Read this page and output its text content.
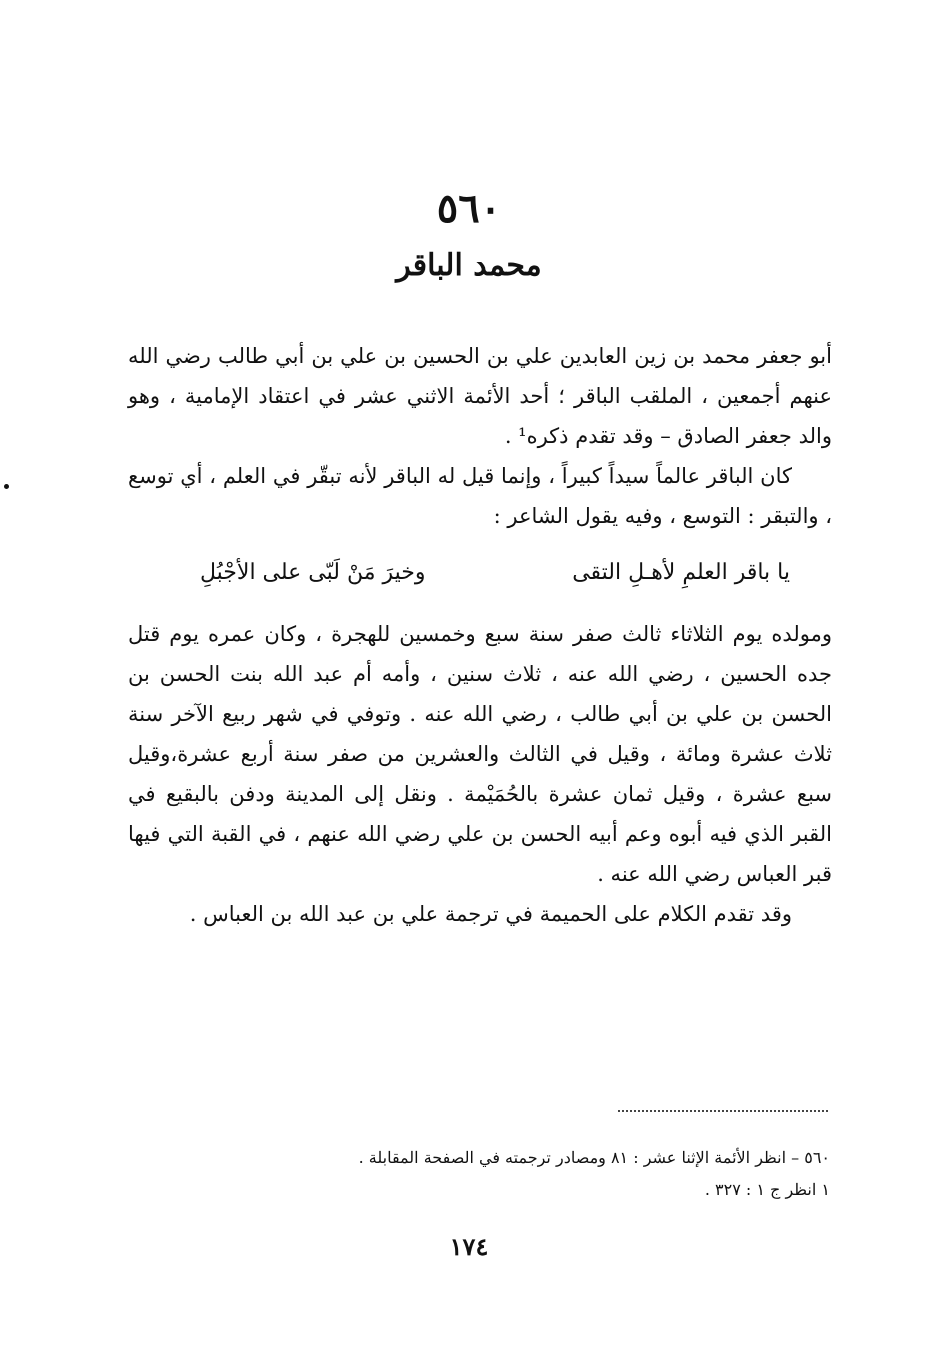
٥٦٠
محمد الباقر

أبو جعفر محمد بن زين العابدين علي بن الحسين بن علي بن أبي طالب رضي الله عنهم أجمعين ، الملقب الباقر ؛ أحد الأئمة الاثني عشر في اعتقاد الإمامية ، وهو والد جعفر الصادق – وقد تقدم ذكره¹ .

كان الباقر عالماً سيداً كبيراً ، وإنما قيل له الباقر لأنه تبقّر في العلم ، أي توسع ، والتبقر : التوسع ، وفيه يقول الشاعر :

يا باقر العلمِ لأهـلِ التقى
وخيرَ مَنْ لَبّى على الأجْبُلِ

ومولده يوم الثلاثاء ثالث صفر سنة سبع وخمسين للهجرة ، وكان عمره يوم قتل جده الحسين ، رضي الله عنه ، ثلاث سنين ، وأمه أم عبد الله بنت الحسن بن الحسن بن علي بن أبي طالب ، رضي الله عنه . وتوفي في شهر ربيع الآخر سنة ثلاث عشرة ومائة ، وقيل في الثالث والعشرين من صفر سنة أربع عشرة،وقيل سبع عشرة ، وقيل ثمان عشرة بالحُمَيْمة . ونقل إلى المدينة ودفن بالبقيع في القبر الذي فيه أبوه وعم أبيه الحسن بن علي رضي الله عنهم ، في القبة التي فيها قبر العباس رضي الله عنه .

وقد تقدم الكلام على الحميمة في ترجمة علي بن عبد الله بن العباس .

٥٦٠ – انظر الأئمة الإثنا عشر : ٨١ ومصادر ترجمته في الصفحة المقابلة .

١ انظر ج ١ : ٣٢٧ .

١٧٤
